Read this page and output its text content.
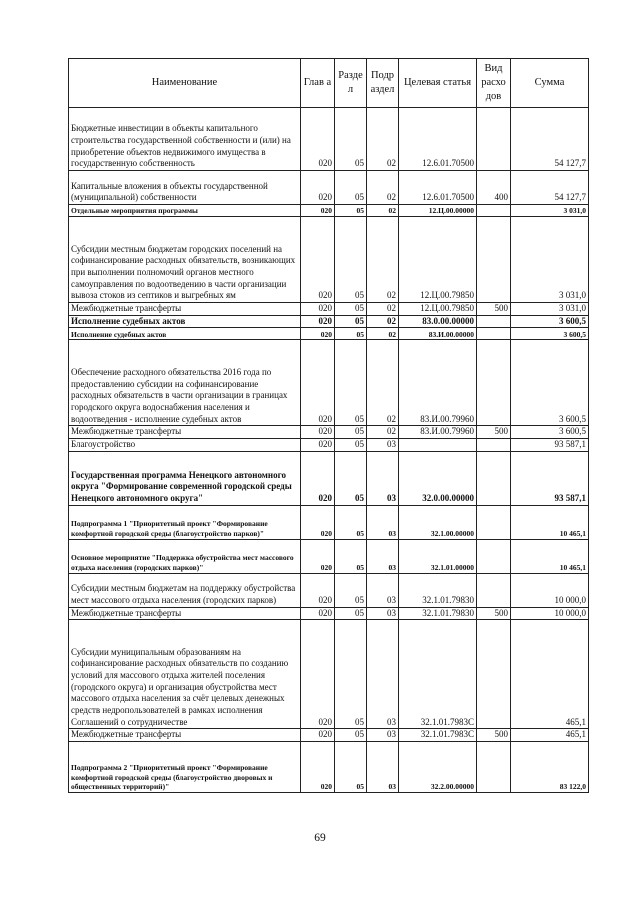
Наименование	Глав а	Разде л	Подр аздел	Целевая статья	Вид расхо дов	Сумма
Бюджетные инвестиции в объекты капитального строительства государственной собственности и (или) на приобретение объектов недвижимого имущества в государственную собственность	020	05	02	12.6.01.70500		54 127,7
Капитальные вложения в объекты государственной (муниципальной) собственности	020	05	02	12.6.01.70500	400	54 127,7
Отдельные мероприятия программы	020	05	02	12.Ц.00.00000		3 031,0
Субсидии местным бюджетам городских поселений на софинансирование расходных обязательств, возникающих при выполнении полномочий органов местного самоуправления по водоотведению в части организации вывоза стоков из септиков и выгребных ям	020	05	02	12.Ц.00.79850		3 031,0
Межбюджетные трансферты	020	05	02	12.Ц.00.79850	500	3 031,0
Исполнение судебных актов	020	05	02	83.0.00.00000		3 600,5
Исполнение судебных актов	020	05	02	83.И.00.00000		3 600,5
Обеспечение расходного обязательства 2016 года по предоставлению субсидии на софинансирование расходных обязательств в части организации в границах городского округа водоснабжения населения и водоотведения - исполнение судебных актов	020	05	02	83.И.00.79960		3 600,5
Межбюджетные трансферты	020	05	02	83.И.00.79960	500	3 600,5
Благоустройство	020	05	03			93 587,1
Государственная программа Ненецкого автономного округа "Формирование современной городской среды Ненецкого автономного округа"	020	05	03	32.0.00.00000		93 587,1
Подпрограмма 1 "Приоритетный проект "Формирование комфортной городской среды (благоустройство парков)"	020	05	03	32.1.00.00000		10 465,1
Основное мероприятие "Поддержка обустройства мест массового отдыха населения (городских парков)"	020	05	03	32.1.01.00000		10 465,1
Субсидии местным бюджетам на поддержку обустройства мест массового отдыха населения (городских парков)	020	05	03	32.1.01.79830		10 000,0
Межбюджетные трансферты	020	05	03	32.1.01.79830	500	10 000,0
Субсидии муниципальным образованиям на софинансирование расходных обязательств по созданию условий для массового отдыха жителей поселения (городского округа) и организация обустройства мест массового отдыха населения за счёт целевых денежных средств недропользователей в рамках исполнения Соглашений о сотрудничестве	020	05	03	32.1.01.7983С		465,1
Межбюджетные трансферты	020	05	03	32.1.01.7983С	500	465,1
Подпрограмма 2 "Приоритетный проект "Формирование комфортной городской среды (благоустройство дворовых и общественных территорий)"	020	05	03	32.2.00.00000		83 122,0
69
